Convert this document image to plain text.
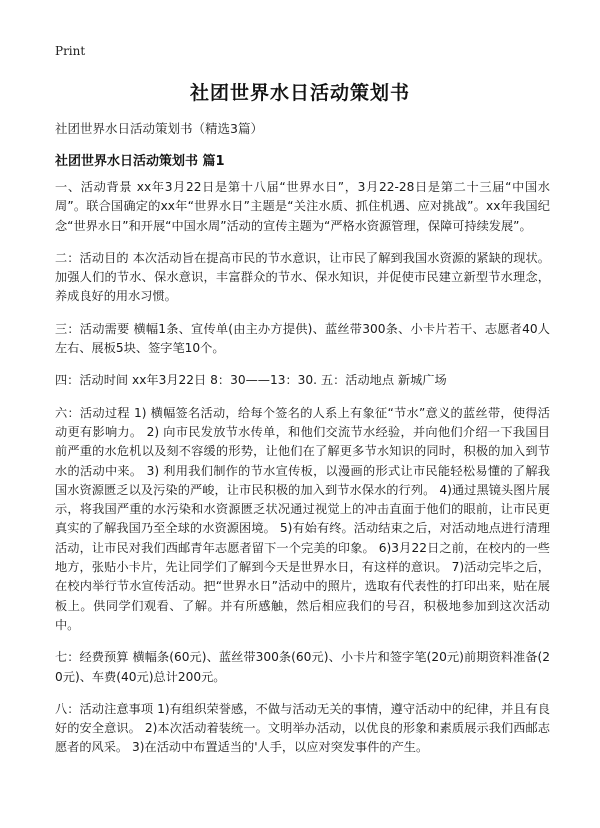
Print
社团世界水日活动策划书
社团世界水日活动策划书（精选3篇）
社团世界水日活动策划书 篇1

一、活动背景 xx年3月22日是第十八届“世界水日”，3月22-28日是第二十三届“中国水周”。联合国确定的xx年“世界水日”主题是“关注水质、抓住机遇、应对挑战”。xx年我国纪念“世界水日”和开展“中国水周”活动的宣传主题为“严格水资源管理，保障可持续发展”。

二：活动目的 本次活动旨在提高市民的节水意识，让市民了解到我国水资源的紧缺的现状。加强人们的节水、保水意识，丰富群众的节水、保水知识，并促使市民建立新型节水理念，养成良好的用水习惯。

三：活动需要 横幅1条、宣传单(由主办方提供)、蓝丝带300条、小卡片若干、志愿者40人左右、展板5块、签字笔10个。

四：活动时间 xx年3月22日 8：30——13：30. 五：活动地点 新城广场

六：活动过程 1) 横幅签名活动，给每个签名的人系上有象征“节水”意义的蓝丝带，使得活动更有影响力。 2) 向市民发放节水传单，和他们交流节水经验，并向他们介绍一下我国目前严重的水危机以及刻不容缓的形势，让他们在了解更多节水知识的同时，积极的加入到节水的活动中来。 3) 利用我们制作的节水宣传板，以漫画的形式让市民能轻松易懂的了解我国水资源匮乏以及污染的严峻，让市民积极的加入到节水保水的行列。 4)通过黑镜头图片展示，将我国严重的水污染和水资源匮乏状况通过视觉上的冲击直面于他们的眼前，让市民更真实的了解我国乃至全球的水资源困境。 5)有始有终。活动结束之后，对活动地点进行清理活动，让市民对我们西邮青年志愿者留下一个完美的印象。 6)3月22日之前，在校内的一些地方，张贴小卡片，先让同学们了解到今天是世界水日，有这样的意识。 7)活动完毕之后，在校内举行节水宣传活动。把“世界水日”活动中的照片，选取有代表性的打印出来，贴在展板上。供同学们观看、了解。并有所感触，然后相应我们的号召，积极地参加到这次活动中。

七：经费预算 横幅条(60元)、蓝丝带300条(60元)、小卡片和签字笔(20元)前期资料准备(20元)、车费(40元)总计200元。

八：活动注意事项 1)有组织荣誉感，不做与活动无关的事情，遵守活动中的纪律，并且有良好的安全意识。 2)本次活动着装统一。文明举办活动，以优良的形象和素质展示我们西邮志愿者的风采。 3)在活动中布置适当的'人手，以应对突发事件的产生。
